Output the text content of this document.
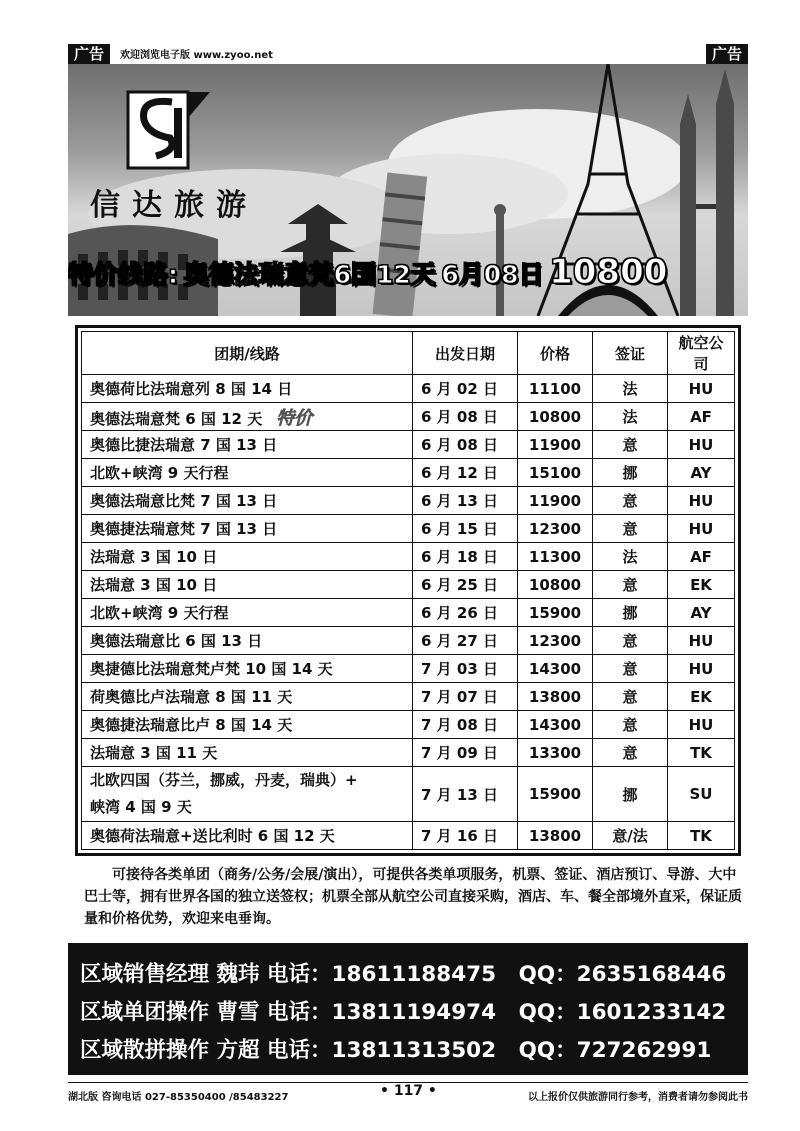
广告	欢迎浏览电子版 www.zyoo.net	广告
信达旅游
特价线路: 奥德法瑞意梵6国12天 6月08日 10800
团期/线路	出发日期	价格	签证	航空公司
奥德荷比法瑞意列 8 国 14 日	6 月 02 日	11100	法	HU
奥德法瑞意梵 6 国 12 天 特价	6 月 08 日	10800	法	AF
奥德比捷法瑞意 7 国 13 日	6 月 08 日	11900	意	HU
北欧+峡湾 9 天行程	6 月 12 日	15100	挪	AY
奥德法瑞意比梵 7 国 13 日	6 月 13 日	11900	意	HU
奥德捷法瑞意梵 7 国 13 日	6 月 15 日	12300	意	HU
法瑞意 3 国 10 日	6 月 18 日	11300	法	AF
法瑞意 3 国 10 日	6 月 25 日	10800	意	EK
北欧+峡湾 9 天行程	6 月 26 日	15900	挪	AY
奥德法瑞意比 6 国 13 日	6 月 27 日	12300	意	HU
奥捷德比法瑞意梵卢梵 10 国 14 天	7 月 03 日	14300	意	HU
荷奥德比卢法瑞意 8 国 11 天	7 月 07 日	13800	意	EK
奥德捷法瑞意比卢 8 国 14 天	7 月 08 日	14300	意	HU
法瑞意 3 国 11 天	7 月 09 日	13300	意	TK
北欧四国（芬兰，挪威，丹麦，瑞典）+
峡湾 4 国 9 天	7 月 13 日	15900	挪	SU
奥德荷法瑞意+送比利时 6 国 12 天	7 月 16 日	13800	意/法	TK
可接待各类单团（商务/公务/会展/演出），可提供各类单项服务，机票、签证、酒店预订、导游、大中巴士等，拥有世界各国的独立送签权；机票全部从航空公司直接采购，酒店、车、餐全部境外直采，保证质量和价格优势，欢迎来电垂询。
区域销售经理 魏玮 电话：18611188475 QQ：2635168446
区域单团操作 曹雪 电话：13811194974 QQ：1601233142
区域散拼操作 方超 电话：13811313502 QQ：727262991
湖北版 咨询电话 027-85350400 /85483227	• 117 •	以上报价仅供旅游同行参考，消费者请勿参阅此书
